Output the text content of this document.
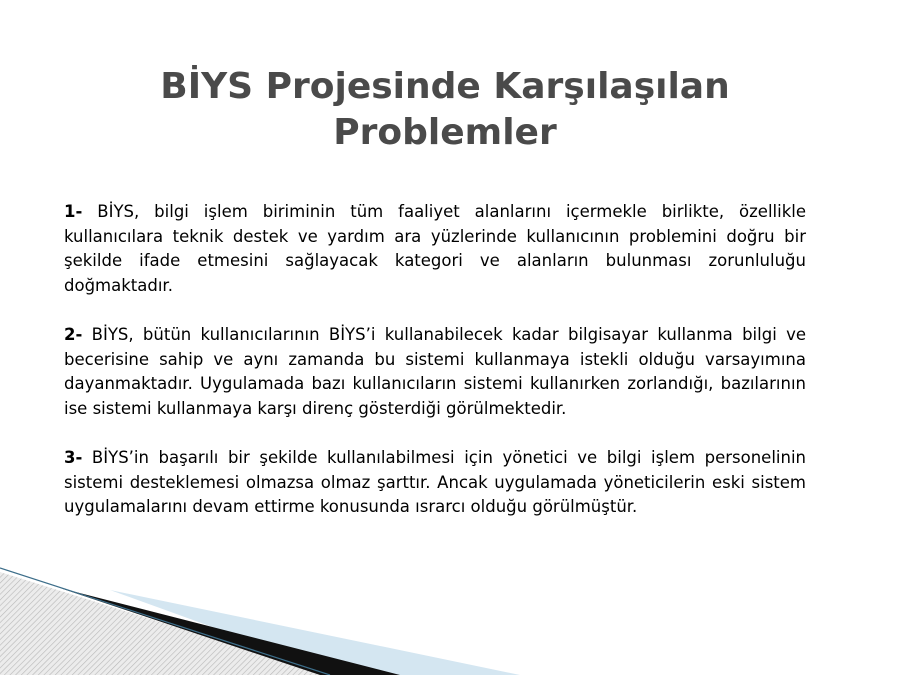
BİYS Projesinde Karşılaşılan Problemler

1- BİYS, bilgi işlem biriminin tüm faaliyet alanlarını içermekle birlikte, özellikle kullanıcılara teknik destek ve yardım ara yüzlerinde kullanıcının problemini doğru bir şekilde ifade etmesini sağlayacak kategori ve alanların bulunması zorunluluğu doğmaktadır.

2- BİYS, bütün kullanıcılarının BİYS’i kullanabilecek kadar bilgisayar kullanma bilgi ve becerisine sahip ve aynı zamanda bu sistemi kullanmaya istekli olduğu varsayımına dayanmaktadır. Uygulamada bazı kullanıcıların sistemi kullanırken zorlandığı, bazılarının ise sistemi kullanmaya karşı direnç gösterdiği görülmektedir.

3- BİYS’in başarılı bir şekilde kullanılabilmesi için yönetici ve bilgi işlem personelinin sistemi desteklemesi olmazsa olmaz şarttır. Ancak uygulamada yöneticilerin eski sistem uygulamalarını devam ettirme konusunda ısrarcı olduğu görülmüştür.
